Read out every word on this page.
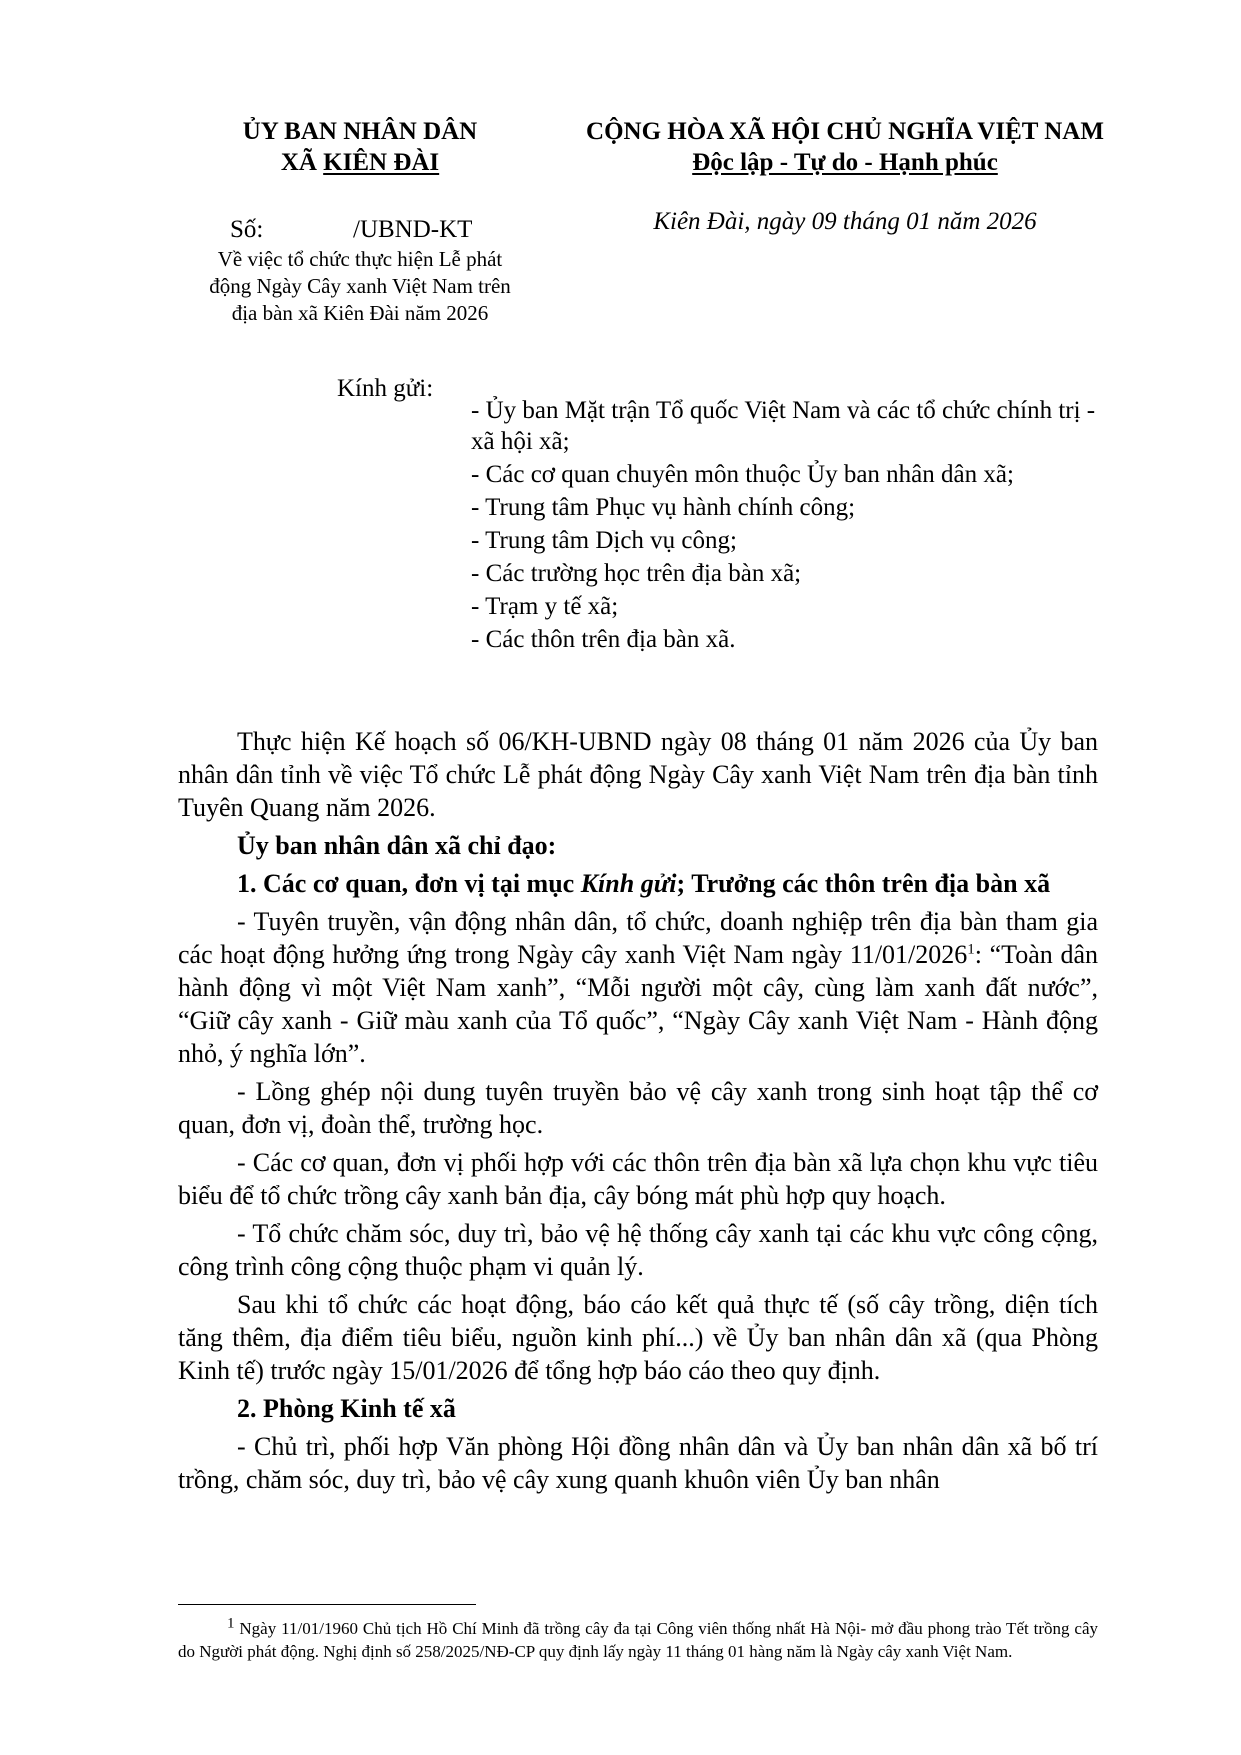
ỦY BAN NHÂN DÂN
XÃ KIÊN ĐÀI
CỘNG HÒA XÃ HỘI CHỦ NGHĨA VIỆT NAM
Độc lập - Tự do - Hạnh phúc
Số:	/UBND-KT
Về việc tổ chức thực hiện Lễ phát
động Ngày Cây xanh Việt Nam trên
địa bàn xã Kiên Đài năm 2026
Kiên Đài, ngày 09 tháng 01 năm 2026
Kính gửi:
- Ủy ban Mặt trận Tổ quốc Việt Nam và các tổ chức chính trị - xã hội xã;
- Các cơ quan chuyên môn thuộc Ủy ban nhân dân xã;
- Trung tâm Phục vụ hành chính công;
- Trung tâm Dịch vụ công;
- Các trường học trên địa bàn xã;
- Trạm y tế xã;
- Các thôn trên địa bàn xã.

Thực hiện Kế hoạch số 06/KH-UBND ngày 08 tháng 01 năm 2026 của Ủy ban nhân dân tỉnh về việc Tổ chức Lễ phát động Ngày Cây xanh Việt Nam trên địa bàn tỉnh Tuyên Quang năm 2026.

Ủy ban nhân dân xã chỉ đạo:

1. Các cơ quan, đơn vị tại mục Kính gửi; Trưởng các thôn trên địa bàn xã

- Tuyên truyền, vận động nhân dân, tổ chức, doanh nghiệp trên địa bàn tham gia các hoạt động hưởng ứng trong Ngày cây xanh Việt Nam ngày 11/01/2026$^1$: “Toàn dân hành động vì một Việt Nam xanh”, “Mỗi người một cây, cùng làm xanh đất nước”, “Giữ cây xanh - Giữ màu xanh của Tổ quốc”, “Ngày Cây xanh Việt Nam - Hành động nhỏ, ý nghĩa lớn”.

- Lồng ghép nội dung tuyên truyền bảo vệ cây xanh trong sinh hoạt tập thể cơ quan, đơn vị, đoàn thể, trường học.

- Các cơ quan, đơn vị phối hợp với các thôn trên địa bàn xã lựa chọn khu vực tiêu biểu để tổ chức trồng cây xanh bản địa, cây bóng mát phù hợp quy hoạch.

- Tổ chức chăm sóc, duy trì, bảo vệ hệ thống cây xanh tại các khu vực công cộng, công trình công cộng thuộc phạm vi quản lý.

Sau khi tổ chức các hoạt động, báo cáo kết quả thực tế (số cây trồng, diện tích tăng thêm, địa điểm tiêu biểu, nguồn kinh phí...) về Ủy ban nhân dân xã (qua Phòng Kinh tế) trước ngày 15/01/2026 để tổng hợp báo cáo theo quy định.

2. Phòng Kinh tế xã

- Chủ trì, phối hợp Văn phòng Hội đồng nhân dân và Ủy ban nhân dân xã bố trí trồng, chăm sóc, duy trì, bảo vệ cây xung quanh khuôn viên Ủy ban nhân

$^1$ Ngày 11/01/1960 Chủ tịch Hồ Chí Minh đã trồng cây đa tại Công viên thống nhất Hà Nội- mở đầu phong trào Tết trồng cây do Người phát động. Nghị định số 258/2025/NĐ-CP quy định lấy ngày 11 tháng 01 hàng năm là Ngày cây xanh Việt Nam.
